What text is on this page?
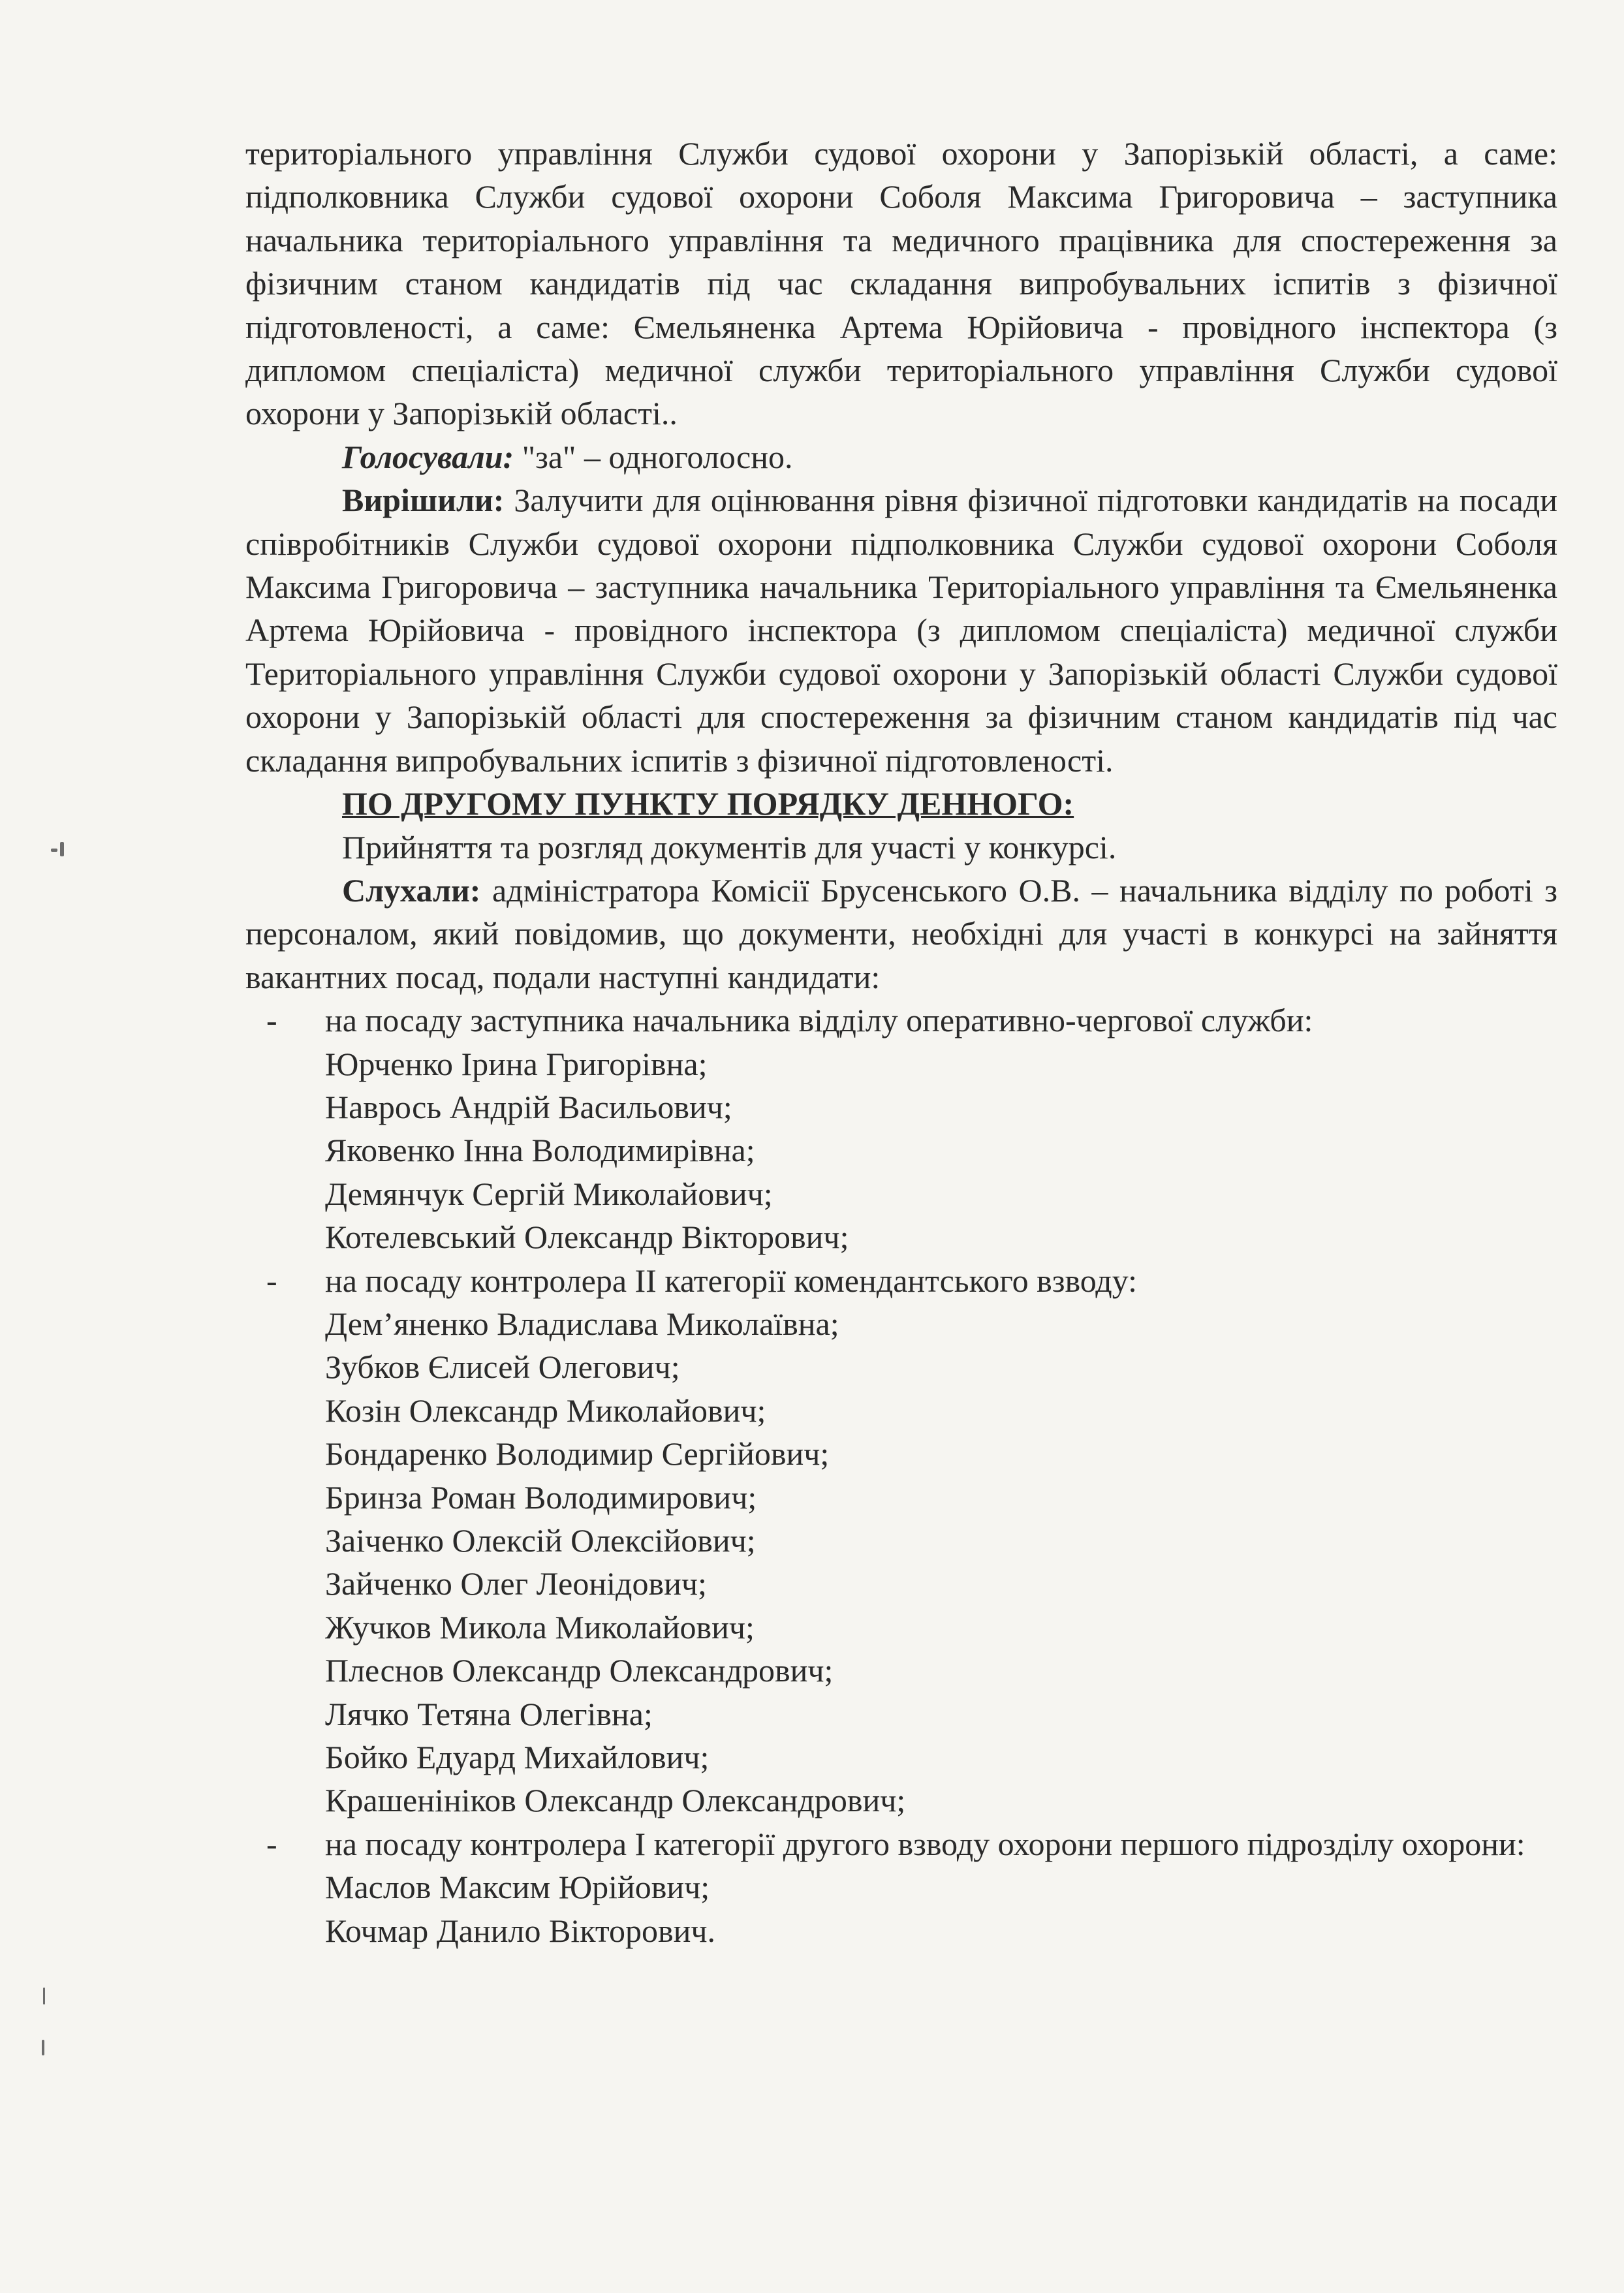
територіального управління Служби судової охорони у Запорізькій області, а саме: підполковника Служби судової охорони Соболя Максима Григоровича – заступника начальника територіального управління та медичного працівника для спостереження за фізичним станом кандидатів під час складання випробувальних іспитів з фізичної підготовленості, а саме: Ємельяненка Артема Юрійовича - провідного інспектора (з дипломом спеціаліста) медичної служби територіального управління Служби судової охорони у Запорізькій області..

Голосували: "за" – одноголосно.

Вирішили: Залучити для оцінювання рівня фізичної підготовки кандидатів на посади співробітників Служби судової охорони підполковника Служби судової охорони Соболя Максима Григоровича – заступника начальника Територіального управління та Ємельяненка Артема Юрійовича - провідного інспектора (з дипломом спеціаліста) медичної служби Територіального управління Служби судової охорони у Запорізькій області Служби судової охорони у Запорізькій області для спостереження за фізичним станом кандидатів під час складання випробувальних іспитів з фізичної підготовленості.

ПО ДРУГОМУ ПУНКТУ ПОРЯДКУ ДЕННОГО:

Прийняття та розгляд документів для участі у конкурсі.

Слухали: адміністратора Комісії Брусенського О.В. – начальника відділу по роботі з персоналом, який повідомив, що документи, необхідні для участі в конкурсі на зайняття вакантних посад, подали наступні кандидати:

- на посаду заступника начальника відділу оперативно-чергової служби:

Юрченко Ірина Григорівна;

Наврось Андрій Васильович;

Яковенко Інна Володимирівна;

Демянчук Сергій Миколайович;

Котелевський Олександр Вікторович;

- на посаду контролера ІІ категорії комендантського взводу:

Дем’яненко Владислава Миколаївна;

Зубков Єлисей Олегович;

Козін Олександр Миколайович;

Бондаренко Володимир Сергійович;

Бринза Роман Володимирович;

Заіченко Олексій Олексійович;

Зайченко Олег Леонідович;

Жучков Микола Миколайович;

Плеснов Олександр Олександрович;

Лячко Тетяна Олегівна;

Бойко Едуард Михайлович;

Крашенініков Олександр Олександрович;

- на посаду контролера І категорії другого взводу охорони першого підрозділу охорони:

Маслов Максим Юрійович;

Кочмар Данило Вікторович.
